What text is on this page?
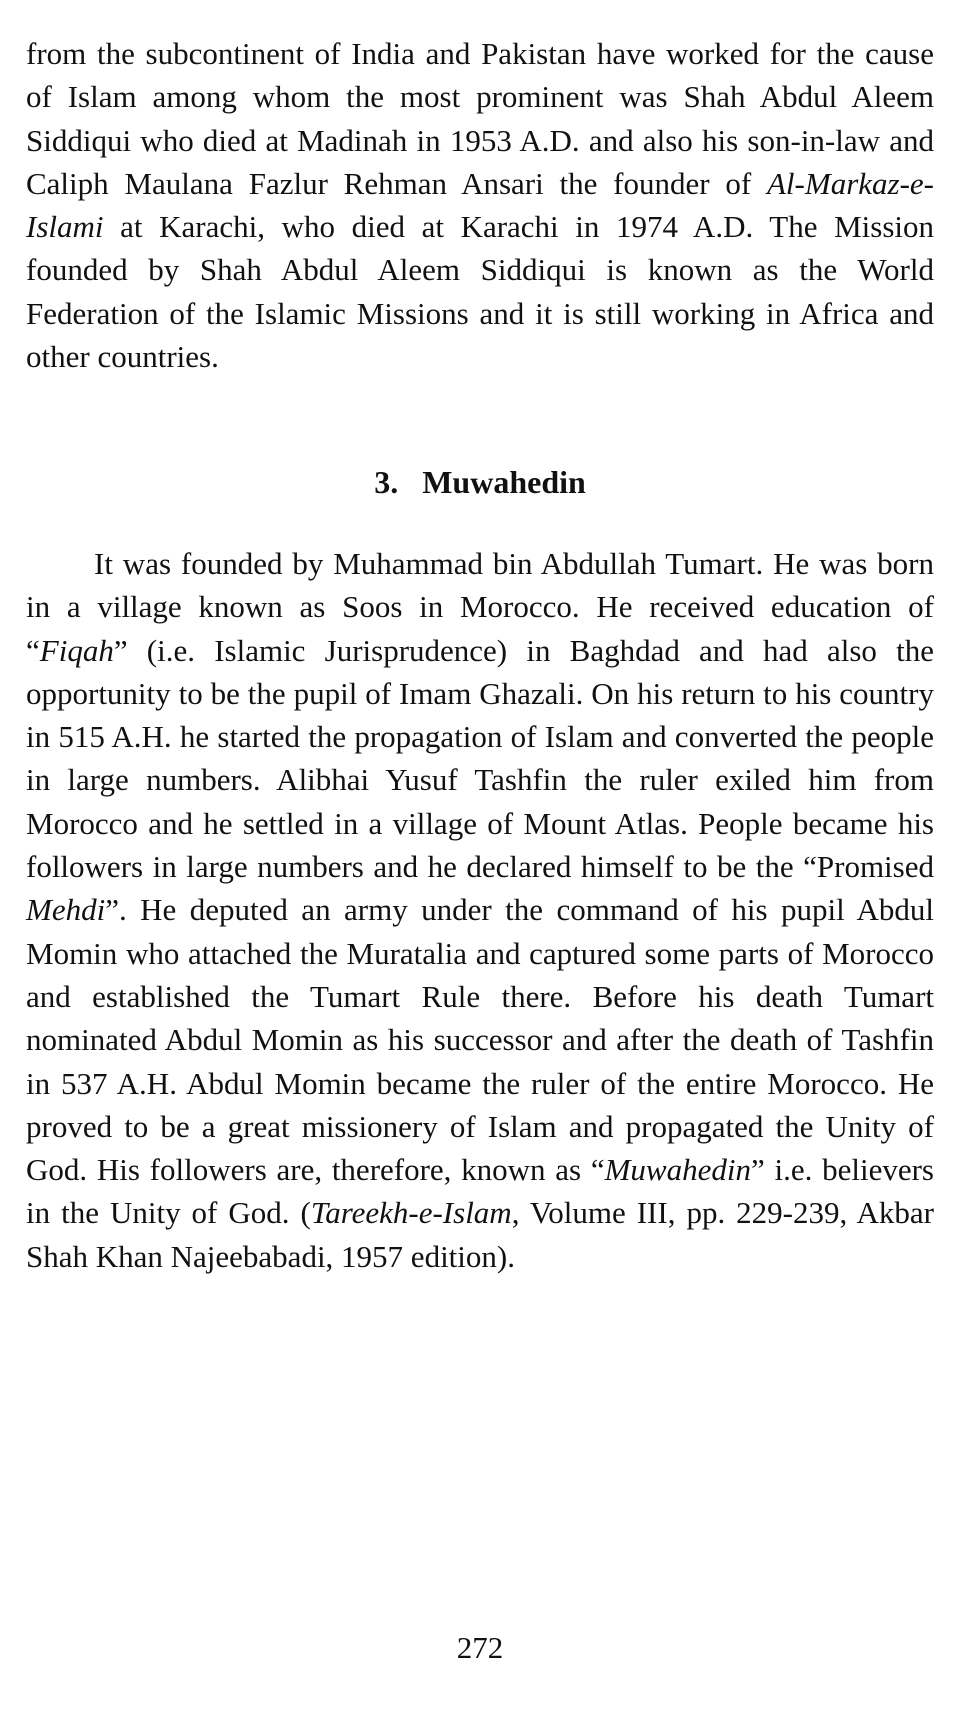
from the subcontinent of India and Pakistan have worked for the cause of Islam among whom the most prominent was Shah Abdul Aleem Siddiqui who died at Madinah in 1953 A.D. and also his son-in-law and Caliph Maulana Fazlur Rehman Ansari the founder of Al-Markaz-e-Islami at Karachi, who died at Karachi in 1974 A.D. The Mission founded by Shah Abdul Aleem Siddiqui is known as the World Federation of the Islamic Missions and it is still working in Africa and other countries.

3. Muwahedin

It was founded by Muhammad bin Abdullah Tumart. He was born in a village known as Soos in Morocco. He received education of “Fiqah” (i.e. Islamic Jurisprudence) in Baghdad and had also the opportunity to be the pupil of Imam Ghazali. On his return to his country in 515 A.H. he started the propagation of Islam and converted the people in large numbers. Alibhai Yusuf Tashfin the ruler exiled him from Morocco and he settled in a village of Mount Atlas. People became his followers in large numbers and he declared himself to be the “Promised Mehdi”. He deputed an army under the command of his pupil Abdul Momin who attached the Muratalia and captured some parts of Morocco and established the Tumart Rule there. Before his death Tumart nominated Abdul Momin as his successor and after the death of Tashfin in 537 A.H. Abdul Momin became the ruler of the entire Morocco. He proved to be a great missionery of Islam and propagated the Unity of God. His followers are, therefore, known as “Muwahedin” i.e. believers in the Unity of God. (Tareekh-e-Islam, Volume III, pp. 229-239, Akbar Shah Khan Najeebabadi, 1957 edition).

272
